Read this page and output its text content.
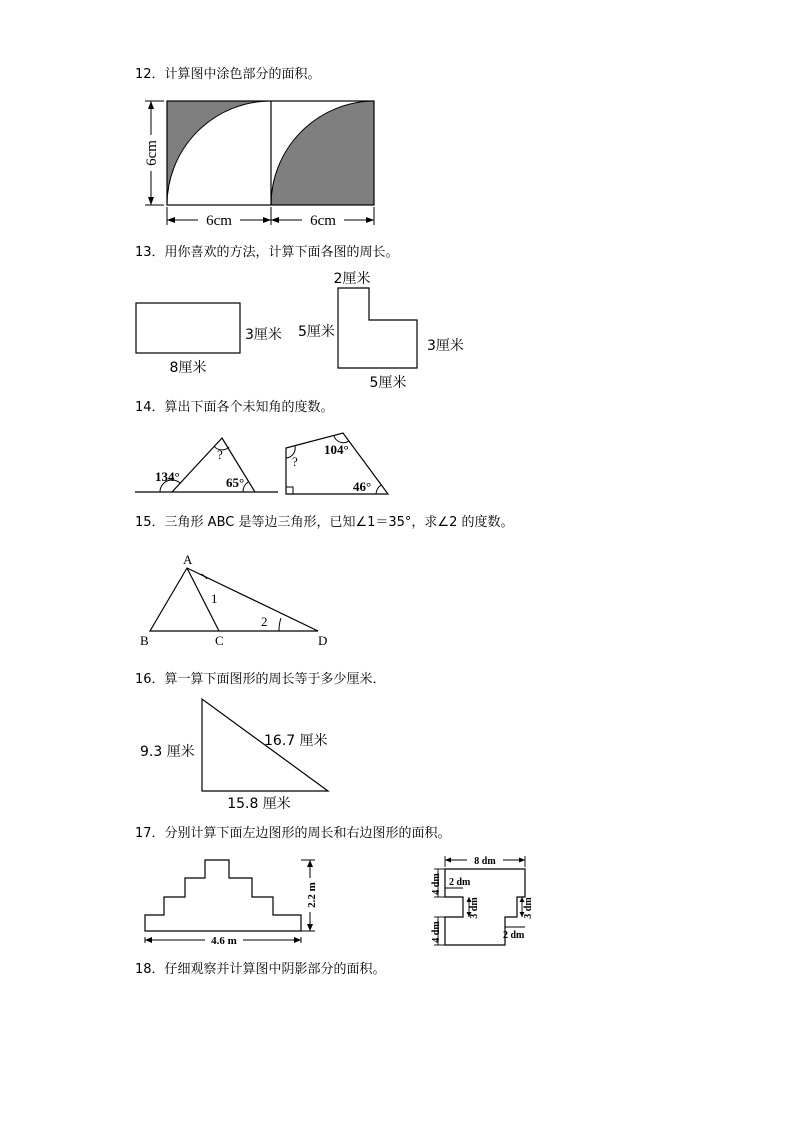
12．计算图中涂色部分的面积。
6cm
6cm	6cm
13．用你喜欢的方法，计算下面各图的周长。
3厘米
8厘米
2厘米
5厘米
3厘米
5厘米
14．算出下面各个未知角的度数。
134°
?
65°
?
104°
46°
15．三角形 ABC 是等边三角形，已知∠1＝35°，求∠2 的度数。
A
B	C	D
1
2
16．算一算下面图形的周长等于多少厘米．
9.3 厘米
16.7 厘米
15.8 厘米
17．分别计算下面左边图形的周长和右边图形的面积。
4.6 m
2.2 m
8 dm
4 dm 2 dm
3 dm	3 dm
4 dm	2 dm
18．仔细观察并计算图中阴影部分的面积。
